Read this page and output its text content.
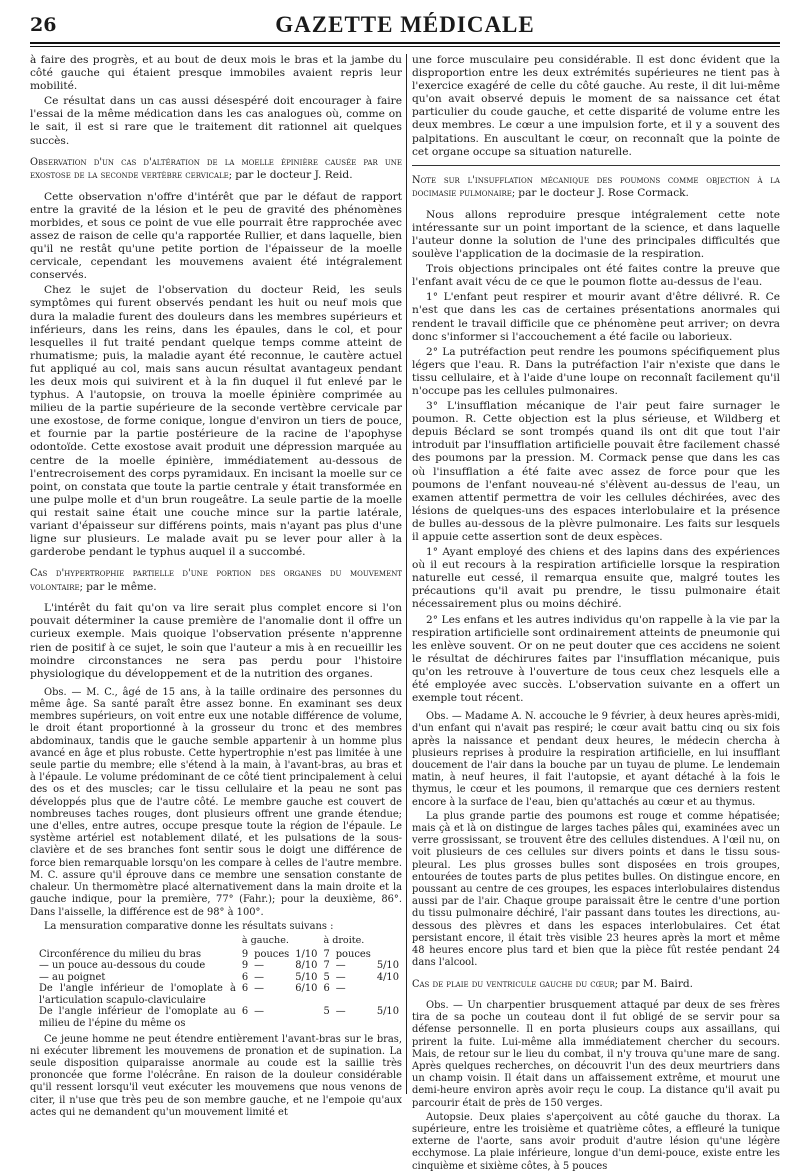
26	GAZETTE MÉDICALE

à faire des progrès, et au bout de deux mois le bras et la jambe du côté gauche qui étaient presque immobiles avaient repris leur mobilité.

Ce résultat dans un cas aussi désespéré doit encourager à faire l'essai de la même médication dans les cas analogues où, comme on le sait, il est si rare que le traitement dit rationnel ait quelques succès.

Observation d'un cas d'altération de la moelle épinière causée par une exostose de la seconde vertèbre cervicale; par le docteur J. Reid.

Cette observation n'offre d'intérêt que par le défaut de rapport entre la gravité de la lésion et le peu de gravité des phénomènes morbides, et sous ce point de vue elle pourrait être rapprochée avec assez de raison de celle qu'a rapportée Rullier, et dans laquelle, bien qu'il ne restât qu'une petite portion de l'épaisseur de la moelle cervicale, cependant les mouvemens avaient été intégralement conservés.

Chez le sujet de l'observation du docteur Reid, les seuls symptômes qui furent observés pendant les huit ou neuf mois que dura la maladie furent des douleurs dans les membres supérieurs et inférieurs, dans les reins, dans les épaules, dans le col, et pour lesquelles il fut traité pendant quelque temps comme atteint de rhumatisme; puis, la maladie ayant été reconnue, le cautère actuel fut appliqué au col, mais sans aucun résultat avantageux pendant les deux mois qui suivirent et à la fin duquel il fut enlevé par le typhus. A l'autopsie, on trouva la moelle épinière comprimée au milieu de la partie supérieure de la seconde vertèbre cervicale par une exostose, de forme conique, longue d'environ un tiers de pouce, et fournie par la partie postérieure de la racine de l'apophyse odontoïde. Cette exostose avait produit une dépression marquée au centre de la moelle épinière, immédiatement au-dessous de l'entrecroisement des corps pyramidaux. En incisant la moelle sur ce point, on constata que toute la partie centrale y était transformée en une pulpe molle et d'un brun rougeâtre. La seule partie de la moelle qui restait saine était une couche mince sur la partie latérale, variant d'épaisseur sur différens points, mais n'ayant pas plus d'une ligne sur plusieurs. Le malade avait pu se lever pour aller à la garderobe pendant le typhus auquel il a succombé.

Cas d'hypertrophie partielle d'une portion des organes du mouvement volontaire; par le même.

L'intérêt du fait qu'on va lire serait plus complet encore si l'on pouvait déterminer la cause première de l'anomalie dont il offre un curieux exemple. Mais quoique l'observation présente n'apprenne rien de positif à ce sujet, le soin que l'auteur a mis à en recueillir les moindre circonstances ne sera pas perdu pour l'histoire physiologique du développement et de la nutrition des organes.

Obs. — M. C., âgé de 15 ans, à la taille ordinaire des personnes du même âge. Sa santé paraît être assez bonne. En examinant ses deux membres supérieurs, on voit entre eux une notable différence de volume, le droit étant proportionné à la grosseur du tronc et des membres abdominaux, tandis que le gauche semble appartenir à un homme plus avancé en âge et plus robuste. Cette hypertrophie n'est pas limitée à une seule partie du membre; elle s'étend à la main, à l'avant-bras, au bras et à l'épaule. Le volume prédominant de ce côté tient principalement à celui des os et des muscles; car le tissu cellulaire et la peau ne sont pas développés plus que de l'autre côté. Le membre gauche est couvert de nombreuses taches rouges, dont plusieurs offrent une grande étendue; une d'elles, entre autres, occupe presque toute la région de l'épaule. Le système artériel est notablement dilaté, et les pulsations de la sous-clavière et de ses branches font sentir sous le doigt une différence de force bien remarquable lorsqu'on les compare à celles de l'autre membre. M. C. assure qu'il éprouve dans ce membre une sensation constante de chaleur. Un thermomètre placé alternativement dans la main droite et la gauche indique, pour la première, 77° (Fahr.); pour la deuxième, 86°. Dans l'aisselle, la différence est de 98° à 100°.

La mensuration comparative donne les résultats suivans :

	à gauche.			à droite.		
Circonférence du milieu du bras	9	pouces	1/10	7	pouces	
— un pouce au-dessous du coude	9	—	8/10	7	—	5/10
— au poignet	6	—	5/10	5	—	4/10
De l'angle inférieur de l'omoplate à l'articulation scapulo-claviculaire	6	—	6/10	6	—	
De l'angle inférieur de l'omoplate au milieu de l'épine du même os	6	—		5	—	5/10

Ce jeune homme ne peut étendre entièrement l'avant-bras sur le bras, ni exécuter librement les mouvemens de pronation et de supination. La seule disposition quiparaisse anormale au coude est la saillie très prononcée que forme l'olécrâne. En raison de la douleur considérable qu'il ressent lorsqu'il veut exécuter les mouvemens que nous venons de citer, il n'use que très peu de son membre gauche, et ne l'empoie qu'aux actes qui ne demandent qu'un mouvement limité et

une force musculaire peu considérable. Il est donc évident que la disproportion entre les deux extrémités supérieures ne tient pas à l'exercice exagéré de celle du côté gauche. Au reste, il dit lui-même qu'on avait observé depuis le moment de sa naissance cet état particulier du coude gauche, et cette disparité de volume entre les deux membres. Le cœur a une impulsion forte, et il y a souvent des palpitations. En auscultant le cœur, on reconnaît que la pointe de cet organe occupe sa situation naturelle.

Note sur l'insufflation mécanique des poumons comme objection à la docimasie pulmonaire; par le docteur J. Rose Cormack.

Nous allons reproduire presque intégralement cette note intéressante sur un point important de la science, et dans laquelle l'auteur donne la solution de l'une des principales difficultés que soulève l'application de la docimasie de la respiration.

Trois objections principales ont été faites contre la preuve que l'enfant avait vécu de ce que le poumon flotte au-dessus de l'eau.

1° L'enfant peut respirer et mourir avant d'être délivré. R. Ce n'est que dans les cas de certaines présentations anormales qui rendent le travail difficile que ce phénomène peut arriver; on devra donc s'informer si l'accouchement a été facile ou laborieux.

2° La putréfaction peut rendre les poumons spécifiquement plus légers que l'eau. R. Dans la putréfaction l'air n'existe que dans le tissu cellulaire, et à l'aide d'une loupe on reconnaît facilement qu'il n'occupe pas les cellules pulmonaires.

3° L'insufflation mécanique de l'air peut faire surnager le poumon. R. Cette objection est la plus sérieuse, et Wildberg et depuis Béclard se sont trompés quand ils ont dit que tout l'air introduit par l'insufflation artificielle pouvait être facilement chassé des poumons par la pression. M. Cormack pense que dans les cas où l'insufflation a été faite avec assez de force pour que les poumons de l'enfant nouveau-né s'élèvent au-dessus de l'eau, un examen attentif permettra de voir les cellules déchirées, avec des lésions de quelques-uns des espaces interlobulaire et la présence de bulles au-dessous de la plèvre pulmonaire. Les faits sur lesquels il appuie cette assertion sont de deux espèces.

1° Ayant employé des chiens et des lapins dans des expériences où il eut recours à la respiration artificielle lorsque la respiration naturelle eut cessé, il remarqua ensuite que, malgré toutes les précautions qu'il avait pu prendre, le tissu pulmonaire était nécessairement plus ou moins déchiré.

2° Les enfans et les autres individus qu'on rappelle à la vie par la respiration artificielle sont ordinairement atteints de pneumonie qui les enlève souvent. Or on ne peut douter que ces accidens ne soient le résultat de déchirures faites par l'insufflation mécanique, puis qu'on les retrouve à l'ouverture de tous ceux chez lesquels elle a été employée avec succès. L'observation suivante en a offert un exemple tout récent.

Obs. — Madame A. N. accouche le 9 février, à deux heures après-midi, d'un enfant qui n'avait pas respiré; le cœur avait battu cinq ou six fois après la naissance et pendant deux heures, le médecin chercha à plusieurs reprises à produire la respiration artificielle, en lui insufflant doucement de l'air dans la bouche par un tuyau de plume. Le lendemain matin, à neuf heures, il fait l'autopsie, et ayant détaché à la fois le thymus, le cœur et les poumons, il remarque que ces derniers restent encore à la surface de l'eau, bien qu'attachés au cœur et au thymus.

La plus grande partie des poumons est rouge et comme hépatisée; mais çà et là on distingue de larges taches pâles qui, examinées avec un verre grossissant, se trouvent être des cellules distendues. A l'œil nu, on voit plusieurs de ces cellules sur divers points et dans le tissu sous-pleural. Les plus grosses bulles sont disposées en trois groupes, entourées de toutes parts de plus petites bulles. On distingue encore, en poussant au centre de ces groupes, les espaces interlobulaires distendus aussi par de l'air. Chaque groupe paraissait être le centre d'une portion du tissu pulmonaire déchiré, l'air passant dans toutes les directions, au-dessous des plèvres et dans les espaces interlobulaires. Cet état persistant encore, il était très visible 23 heures après la mort et même 48 heures encore plus tard et bien que la pièce fût restée pendant 24 dans l'alcool.

Cas de plaie du ventricule gauche du cœur; par M. Baird.

Obs. — Un charpentier brusquement attaqué par deux de ses frères tira de sa poche un couteau dont il fut obligé de se servir pour sa défense personnelle. Il en porta plusieurs coups aux assaillans, qui prirent la fuite. Lui-même alla immédiatement chercher du secours. Mais, de retour sur le lieu du combat, il n'y trouva qu'une mare de sang. Après quelques recherches, on découvrit l'un des deux meurtriers dans un champ voisin. Il était dans un affaissement extrême, et mourut une demi-heure environ après avoir reçu le coup. La distance qu'il avait pu parcourir était de près de 150 verges.

Autopsie. Deux plaies s'aperçoivent au côté gauche du thorax. La supérieure, entre les troisième et quatrième côtes, a effleuré la tunique externe de l'aorte, sans avoir produit d'autre lésion qu'une légère ecchymose. La plaie inférieure, longue d'un demi-pouce, existe entre les cinquième et sixième côtes, à 5 pouces
